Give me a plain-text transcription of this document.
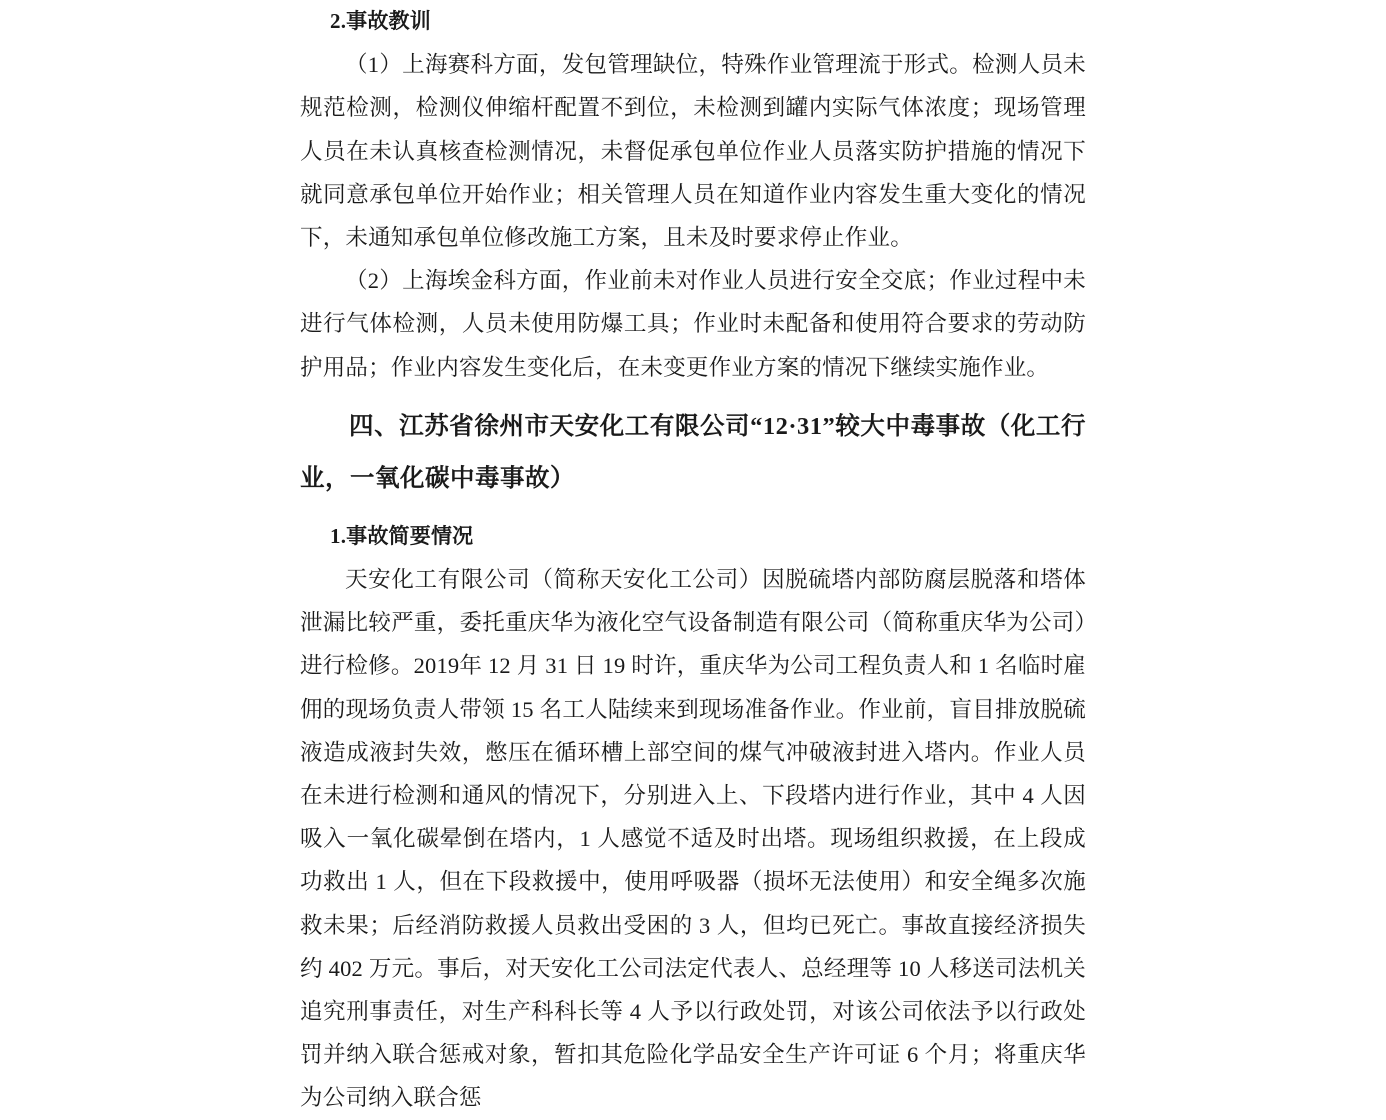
2.事故教训

（1）上海赛科方面，发包管理缺位，特殊作业管理流于形式。检测人员未规范检测，检测仪伸缩杆配置不到位，未检测到罐内实际气体浓度；现场管理人员在未认真核查检测情况，未督促承包单位作业人员落实防护措施的情况下就同意承包单位开始作业；相关管理人员在知道作业内容发生重大变化的情况下，未通知承包单位修改施工方案，且未及时要求停止作业。

（2）上海埃金科方面，作业前未对作业人员进行安全交底；作业过程中未进行气体检测，人员未使用防爆工具；作业时未配备和使用符合要求的劳动防护用品；作业内容发生变化后，在未变更作业方案的情况下继续实施作业。

四、江苏省徐州市天安化工有限公司“12·31”较大中毒事故（化工行业，一氧化碳中毒事故）

1.事故简要情况

天安化工有限公司（简称天安化工公司）因脱硫塔内部防腐层脱落和塔体泄漏比较严重，委托重庆华为液化空气设备制造有限公司（简称重庆华为公司）进行检修。2019年 12 月 31 日 19 时许，重庆华为公司工程负责人和 1 名临时雇佣的现场负责人带领 15 名工人陆续来到现场准备作业。作业前，盲目排放脱硫液造成液封失效，憋压在循环槽上部空间的煤气冲破液封进入塔内。作业人员在未进行检测和通风的情况下，分别进入上、下段塔内进行作业，其中 4 人因吸入一氧化碳晕倒在塔内，1 人感觉不适及时出塔。现场组织救援，在上段成功救出 1 人，但在下段救援中，使用呼吸器（损坏无法使用）和安全绳多次施救未果；后经消防救援人员救出受困的 3 人，但均已死亡。事故直接经济损失约 402 万元。事后，对天安化工公司法定代表人、总经理等 10 人移送司法机关追究刑事责任，对生产科科长等 4 人予以行政处罚，对该公司依法予以行政处罚并纳入联合惩戒对象，暂扣其危险化学品安全生产许可证 6 个月；将重庆华为公司纳入联合惩
